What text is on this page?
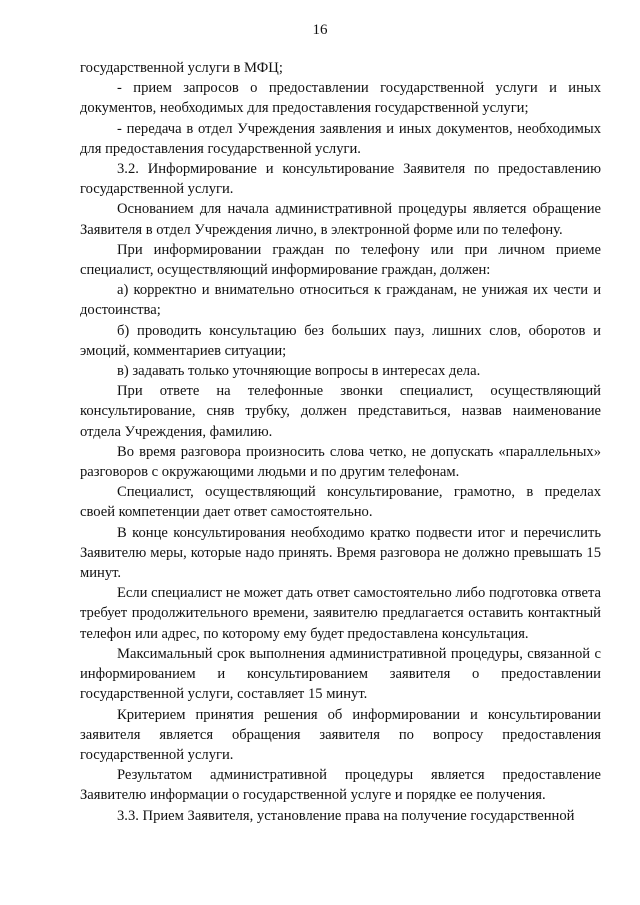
16

государственной услуги в МФЦ;

- прием запросов о предоставлении государственной услуги и иных документов, необходимых для предоставления государственной услуги;

- передача в отдел Учреждения заявления и иных документов, необходимых для предоставления государственной услуги.

3.2. Информирование и консультирование Заявителя по предоставлению государственной услуги.

Основанием для начала административной процедуры является обращение Заявителя в отдел Учреждения лично, в электронной форме или по телефону.

При информировании граждан по телефону или при личном приеме специалист, осуществляющий информирование граждан, должен:

а) корректно и внимательно относиться к гражданам, не унижая их чести и достоинства;

б) проводить консультацию без больших пауз, лишних слов, оборотов и эмоций, комментариев ситуации;

в) задавать только уточняющие вопросы в интересах дела.

При ответе на телефонные звонки специалист, осуществляющий консультирование, сняв трубку, должен представиться, назвав наименование отдела Учреждения, фамилию.

Во время разговора произносить слова четко, не допускать «параллельных» разговоров с окружающими людьми и по другим телефонам.

Специалист, осуществляющий консультирование, грамотно, в пределах своей компетенции дает ответ самостоятельно.

В конце консультирования необходимо кратко подвести итог и перечислить Заявителю меры, которые надо принять. Время разговора не должно превышать 15 минут.

Если специалист не может дать ответ самостоятельно либо подготовка ответа требует продолжительного времени, заявителю предлагается оставить контактный телефон или адрес, по которому ему будет предоставлена консультация.

Максимальный срок выполнения административной процедуры, связанной с информированием и консультированием заявителя о предоставлении государственной услуги, составляет 15 минут.

Критерием принятия решения об информировании и консультировании заявителя является обращения заявителя по вопросу предоставления государственной услуги.

Результатом административной процедуры является предоставление Заявителю информации о государственной услуге и порядке ее получения.

3.3. Прием Заявителя, установление права на получение государственной
